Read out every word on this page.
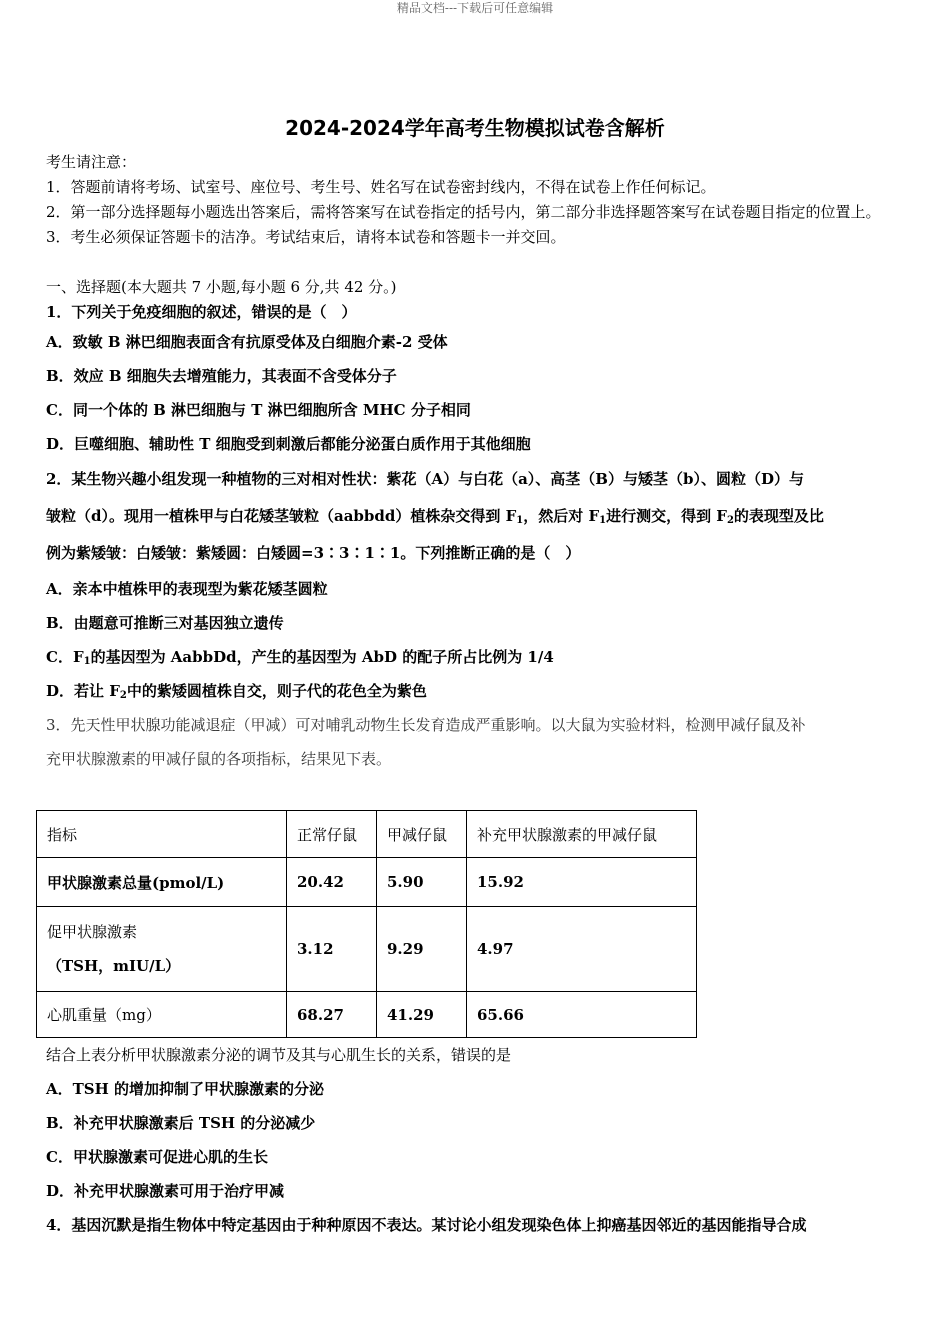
精品文档---下载后可任意编辑
2024-2024学年高考生物模拟试卷含解析
考生请注意：
1．答题前请将考场、试室号、座位号、考生号、姓名写在试卷密封线内，不得在试卷上作任何标记。
2．第一部分选择题每小题选出答案后，需将答案写在试卷指定的括号内，第二部分非选择题答案写在试卷题目指定的位置上。
3．考生必须保证答题卡的洁净。考试结束后，请将本试卷和答题卡一并交回。
一、选择题(本大题共 7 小题,每小题 6 分,共 42 分。)
1．下列关于免疫细胞的叙述，错误的是（　）
A．致敏 B 淋巴细胞表面含有抗原受体及白细胞介素-2 受体
B．效应 B 细胞失去增殖能力，其表面不含受体分子
C．同一个体的 B 淋巴细胞与 T 淋巴细胞所含 MHC 分子相同
D．巨噬细胞、辅助性 T 细胞受到刺激后都能分泌蛋白质作用于其他细胞
2．某生物兴趣小组发现一种植物的三对相对性状：紫花（A）与白花（a）、高茎（B）与矮茎（b）、圆粒（D）与
皱粒（d）。现用一植株甲与白花矮茎皱粒（aabbdd）植株杂交得到 $F_1$，然后对 $F_1$进行测交，得到 $F_2$的表现型及比
例为紫矮皱：白矮皱：紫矮圆：白矮圆=3∶3∶1∶1。下列推断正确的是（　）
A．亲本中植株甲的表现型为紫花矮茎圆粒
B．由题意可推断三对基因独立遗传
C．$F_1$的基因型为 AabbDd，产生的基因型为 AbD 的配子所占比例为 1/4
D．若让 $F_2$中的紫矮圆植株自交，则子代的花色全为紫色
3．先天性甲状腺功能减退症（甲减）可对哺乳动物生长发育造成严重影响。以大鼠为实验材料，检测甲减仔鼠及补
充甲状腺激素的甲减仔鼠的各项指标，结果见下表。
指标	正常仔鼠	甲减仔鼠	补充甲状腺激素的甲减仔鼠
甲状腺激素总量(pmol/L)	20.42	5.90	15.92

促甲状腺激素
（TSH，mIU/L）	3.12	9.29	4.97
心肌重量（mg）	68.27	41.29	65.66
结合上表分析甲状腺激素分泌的调节及其与心肌生长的关系，错误的是
A．TSH 的增加抑制了甲状腺激素的分泌
B．补充甲状腺激素后 TSH 的分泌减少
C．甲状腺激素可促进心肌的生长
D．补充甲状腺激素可用于治疗甲减
4．基因沉默是指生物体中特定基因由于种种原因不表达。某讨论小组发现染色体上抑癌基因邻近的基因能指导合成
